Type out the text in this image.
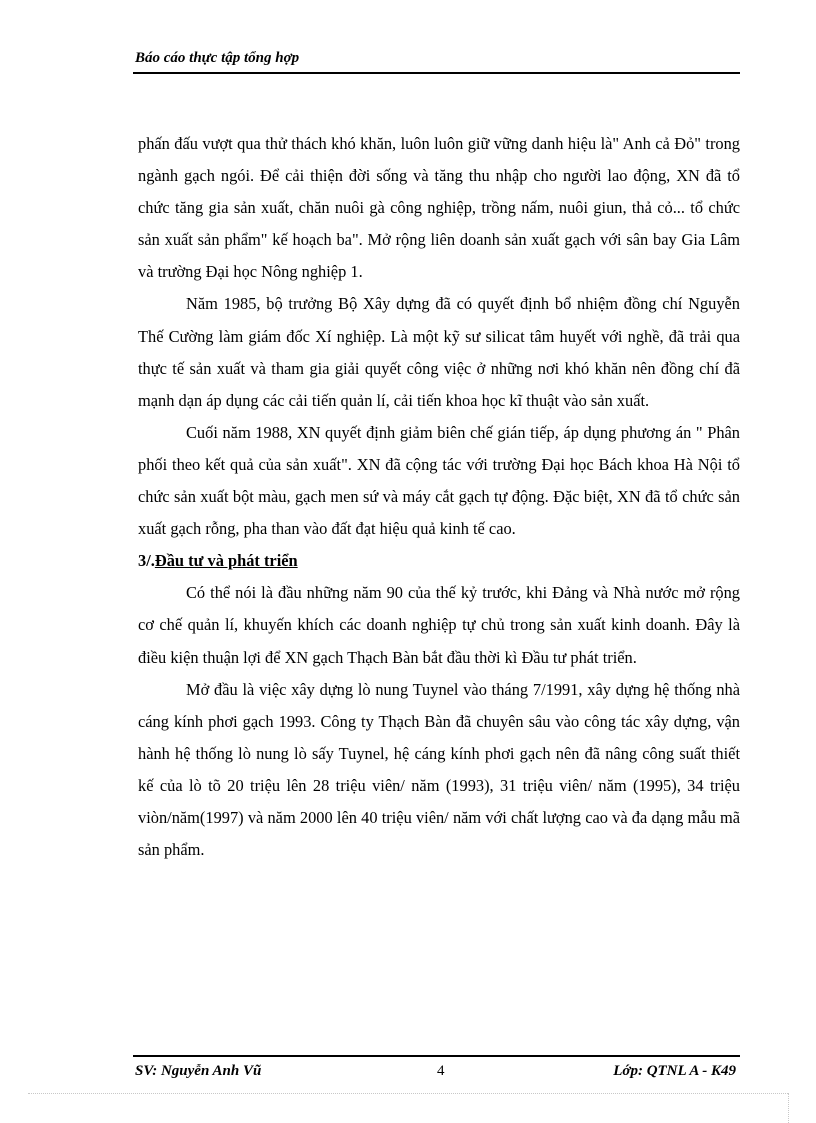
Báo cáo thực tập tổng hợp

phấn đấu vượt qua thử thách khó khăn, luôn luôn giữ vững danh hiệu là" Anh cả Đỏ" trong ngành gạch ngói. Để cải thiện đời sống và tăng thu nhập cho người lao động, XN đã tổ chức tăng gia sản xuất, chăn nuôi gà công nghiệp, trồng nấm, nuôi giun, thả cỏ... tổ chức sản xuất sản phẩm" kế hoạch ba". Mở rộng liên doanh sản xuất gạch với sân bay Gia Lâm và trường Đại học Nông nghiệp 1.

Năm 1985, bộ trưởng Bộ Xây dựng đã có quyết định bổ nhiệm đồng chí Nguyễn Thế Cường làm giám đốc Xí nghiệp. Là một kỹ sư silicat tâm huyết với nghề, đã trải qua thực tế sản xuất và tham gia giải quyết công việc ở những nơi khó khăn nên đồng chí đã mạnh dạn áp dụng các cải tiến quản lí, cải tiến khoa học kĩ thuật vào sản xuất.

Cuối năm 1988, XN quyết định giảm biên chế gián tiếp, áp dụng phương án " Phân phối theo kết quả của sản xuất". XN đã cộng tác với trường Đại học Bách khoa Hà Nội tổ chức sản xuất bột màu, gạch men sứ và máy cắt gạch tự động. Đặc biệt, XN đã tổ chức sản xuất gạch rỗng, pha than vào đất đạt hiệu quả kinh tế cao.

3/.Đầu tư và phát triển

Có thể nói là đầu những năm 90 của thế kỷ trước, khi Đảng và Nhà nước mở rộng cơ chế quản lí, khuyến khích các doanh nghiệp tự chủ trong sản xuất kinh doanh. Đây là điều kiện thuận lợi để XN gạch Thạch Bàn bắt đầu thời kì Đầu tư phát triển.

Mở đầu là việc xây dựng lò nung Tuynel vào tháng 7/1991, xây dựng hệ thống nhà cáng kính phơi gạch 1993. Công ty Thạch Bàn đã chuyên sâu vào công tác xây dựng, vận hành hệ thống lò nung lò sấy Tuynel, hệ cáng kính phơi gạch nên đã nâng công suất thiết kế của lò tõ 20 triệu lên 28 triệu viên/ năm (1993), 31 triệu viên/ năm (1995), 34 triệu viòn/năm(1997) và năm 2000 lên 40 triệu viên/ năm với chất lượng cao và đa dạng mẫu mã sản phẩm.

SV: Nguyễn Anh Vũ	4	Lớp: QTNL A - K49
